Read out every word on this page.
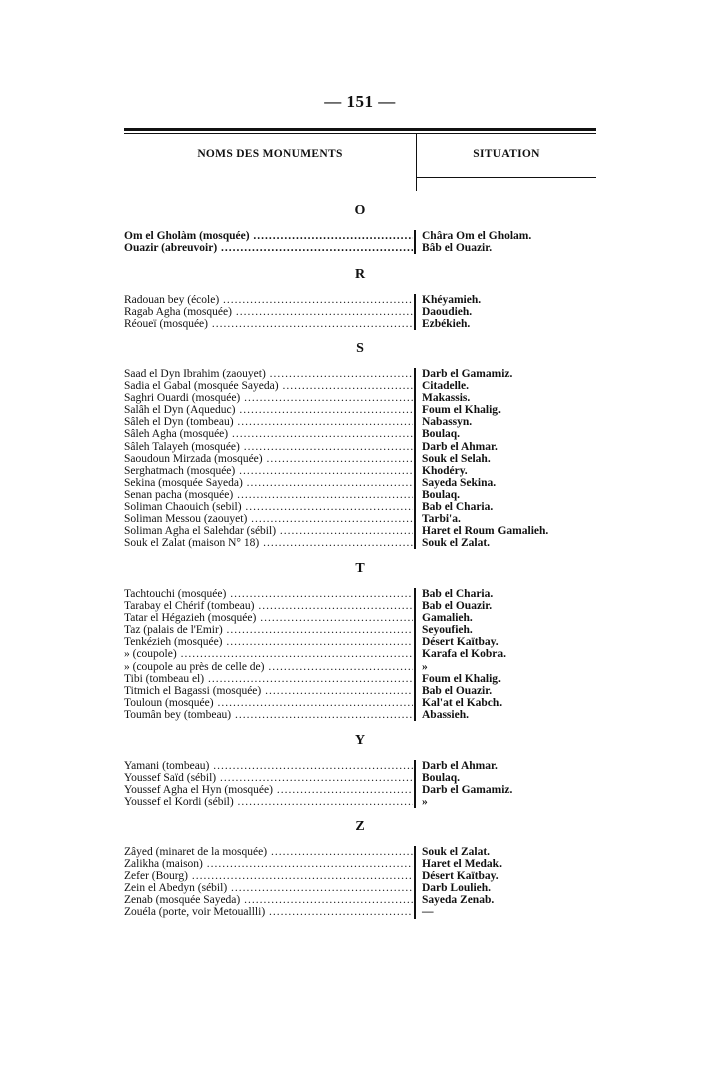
— 151 —
NOMS DES MONUMENTS	SITUATION
O
Om el Gholàm (mosquée) .....	Châra Om el Gholam.
Ouazir (abreuvoir) .....	Bâb el Ouazir.
R
Radouan bey (école) .....	Khéyamieh.
Ragab Agha (mosquée) .....	Daoudieh.
Réoueï (mosquée) .....	Ezbékieh.
S
Saad el Dyn Ibrahim (zaouyet) .....	Darb el Gamamiz.
Sadia el Gabal (mosquée Sayeda) .....	Citadelle.
Saghri Ouardi (mosquée) .....	Makassis.
Salâh el Dyn (Aqueduc) .....	Foum el Khalig.
Sâleh el Dyn (tombeau) .....	Nabassyn.
Sâleh Agha (mosquée) .....	Boulaq.
Sâleh Talayeh (mosquée) .....	Darb el Ahmar.
Saoudoun Mirzada (mosquée) .....	Souk el Selah.
Serghatmach (mosquée) .....	Khodéry.
Sekina (mosquée Sayeda) .....	Sayeda Sekina.
Senan pacha (mosquée) .....	Boulaq.
Soliman Chaouich (sebil) .....	Bab el Charia.
Soliman Messou (zaouyet) .....	Tarbi'a.
Soliman Agha el Salehdar (sébil) .....	Haret el Roum Gamalieh.
Souk el Zalat (maison N° 18) .....	Souk el Zalat.
T
Tachtouchi (mosquée) .....	Bab el Charia.
Tarabay el Chérif (tombeau) .....	Bab el Ouazir.
Tatar el Hégazieh (mosquée) .....	Gamalieh.
Taz (palais de l'Emir) .....	Seyoufieh.
Tenkézieh (mosquée) .....	Désert Kaïtbay.
» (coupole) .....	Karafa el Kobra.
» (coupole au près de celle de) .....	»
Tibi (tombeau el) .....	Foum el Khalig.
Titmich el Bagassi (mosquée) .....	Bab el Ouazir.
Touloun (mosquée) .....	Kal'at el Kabch.
Toumân bey (tombeau) .....	Abassieh.
Y
Yamani (tombeau) .....	Darb el Ahmar.
Youssef Saïd (sébil) .....	Boulaq.
Youssef Agha el Hyn (mosquée) .....	Darb el Gamamiz.
Youssef el Kordi (sébil) .....	»
Z
Zâyed (minaret de la mosquée) .....	Souk el Zalat.
Zalikha (maison) .....	Haret el Medak.
Zefer (Bourg) .....	Désert Kaïtbay.
Zein el Abedyn (sébil) .....	Darb Loulieh.
Zenab (mosquée Sayeda) .....	Sayeda Zenab.
Zouéla (porte, voir Metouallli) .....	—
